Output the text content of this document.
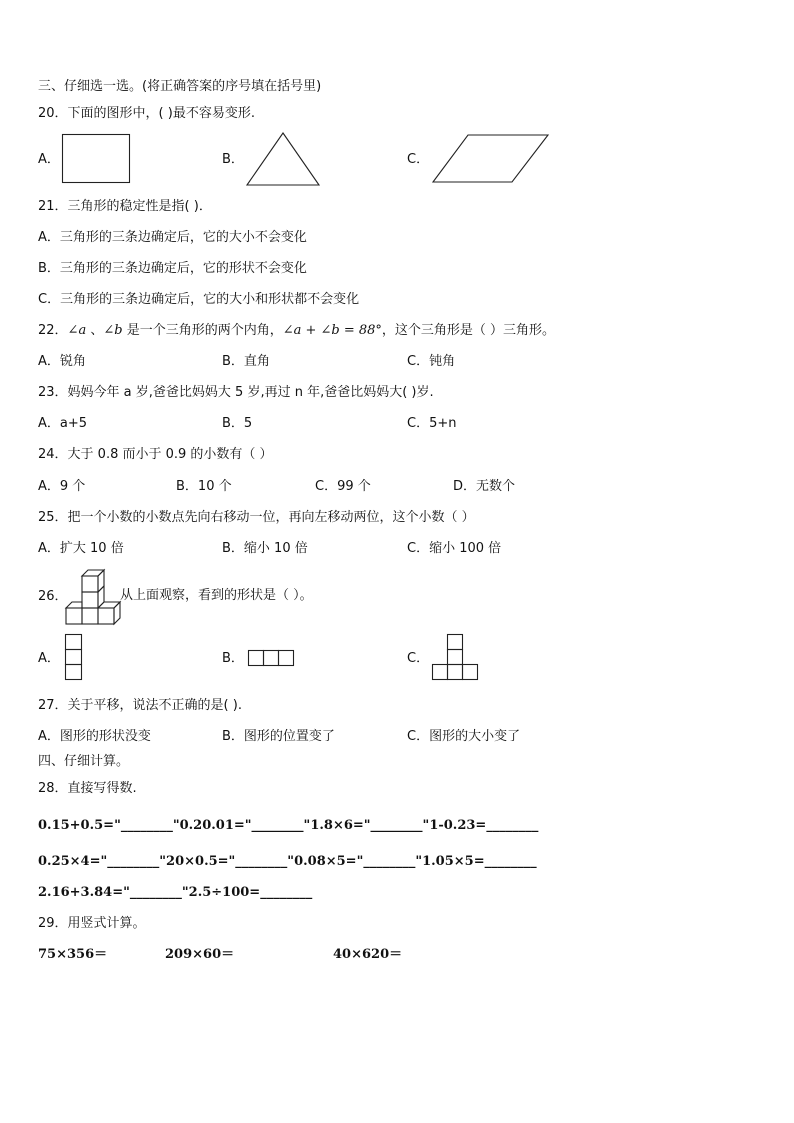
三、仔细选一选。(将正确答案的序号填在括号里)
20．下面的图形中，( )最不容易变形.
A．	B．	C．
21．三角形的稳定性是指( )．
A．三角形的三条边确定后，它的大小不会变化
B．三角形的三条边确定后，它的形状不会变化
C．三角形的三条边确定后，它的大小和形状都不会变化
22．∠a 、∠b 是一个三角形的两个内角，∠a + ∠b = 88°，这个三角形是（ ）三角形。
A．锐角	B．直角	C．钝角
23．妈妈今年 a 岁,爸爸比妈妈大 5 岁,再过 n 年,爸爸比妈妈大( )岁.
A．a+5	B．5	C．5+n
24．大于 0.8 而小于 0.9 的小数有（ ）
A．9 个	B．10 个	C．99 个	D．无数个
25．把一个小数的小数点先向右移动一位，再向左移动两位，这个小数（ ）
A．扩大 10 倍	B．缩小 10 倍	C．缩小 100 倍
26．	从上面观察，看到的形状是（ ）。
A．	B．	C．
27．关于平移，说法不正确的是( ).
A．图形的形状没变	B．图形的位置变了	C．图形的大小变了
四、仔细计算。
28．直接写得数.
0.15+0.5="________"0.20.01="________"1.8×6="________"1-0.23=________
0.25×4="________"20×0.5="________"0.08×5="________"1.05×5=________
2.16+3.84="________"2.5÷100=________
29．用竖式计算。
75×356＝	209×60＝	40×620＝
